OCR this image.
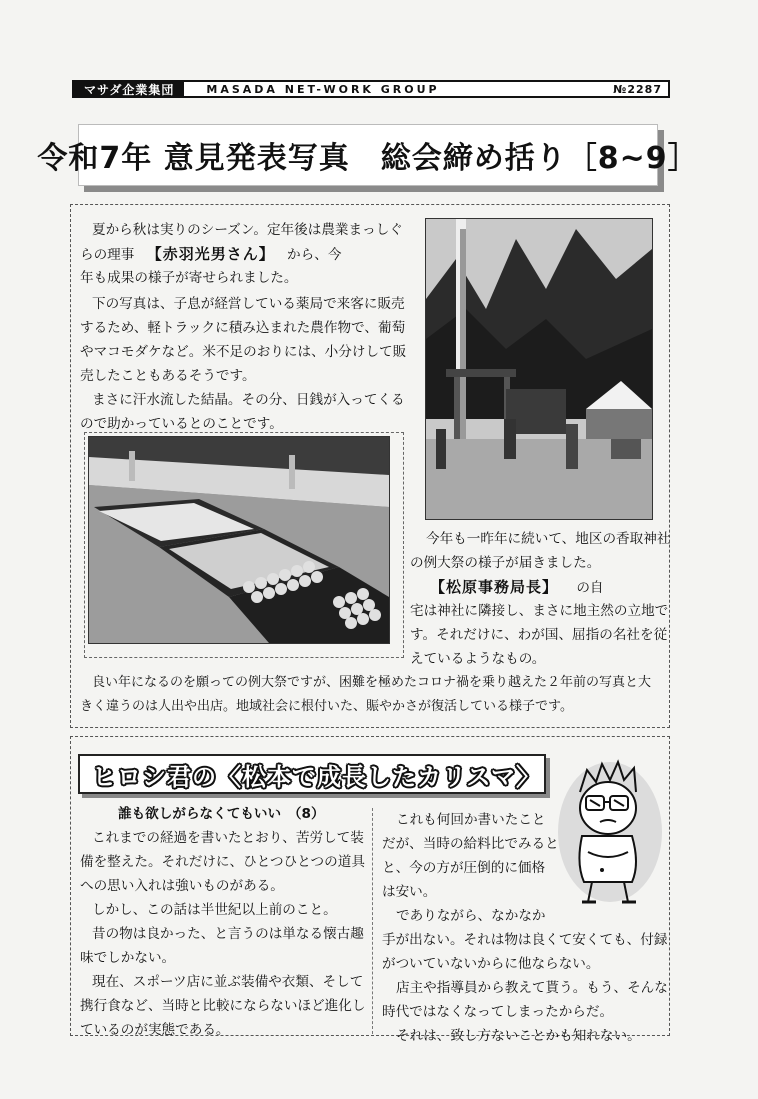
マサダ企業集団	MASADA NET-WORK GROUP	№2287
令和7年 意見発表写真　総会締め括り［8~9］
夏から秋は実りのシーズン。定年後は農業まっしぐ
らの理事 【赤羽光男さん】 から、今
年も成果の様子が寄せられました。
下の写真は、子息が経営している薬局で来客に販売
するため、軽トラックに積み込まれた農作物で、葡萄
やマコモダケなど。米不足のおりには、小分けして販
売したこともあるそうです。
まさに汗水流した結晶。その分、日銭が入ってくる
ので助かっているとのことです。
今年も一昨年に続いて、地区の香取神社
の例大祭の様子が届きました。
【松原事務局長】 の自
宅は神社に隣接し、まさに地主然の立地で
す。それだけに、わが国、屈指の名社を従
えているようなもの。
良い年になるのを願っての例大祭ですが、困難を極めたコロナ禍を乗り越えた２年前の写真と大
きく違うのは人出や出店。地域社会に根付いた、賑やかさが復活している様子です。
ヒロシ君の〈松本で成長したカリスマ〉
誰も欲しがらなくてもいい　（8）
これまでの経過を書いたとおり、苦労して装
備を整えた。それだけに、ひとつひとつの道具
への思い入れは強いものがある。
しかし、この話は半世紀以上前のこと。
昔の物は良かった、と言うのは単なる懐古趣
味でしかない。
現在、スポーツ店に並ぶ装備や衣類、そして
携行食など、当時と比較にならないほど進化し
ているのが実態である。
これも何回か書いたこと
だが、当時の給料比でみると
と、今の方が圧倒的に価格
は安い。
でありながら、なかなか
手が出ない。それは物は良くて安くても、付録
がついていないからに他ならない。
店主や指導員から教えて貰う。もう、そんな
時代ではなくなってしまったからだ。
それは、致し方ないことかも知れない。
